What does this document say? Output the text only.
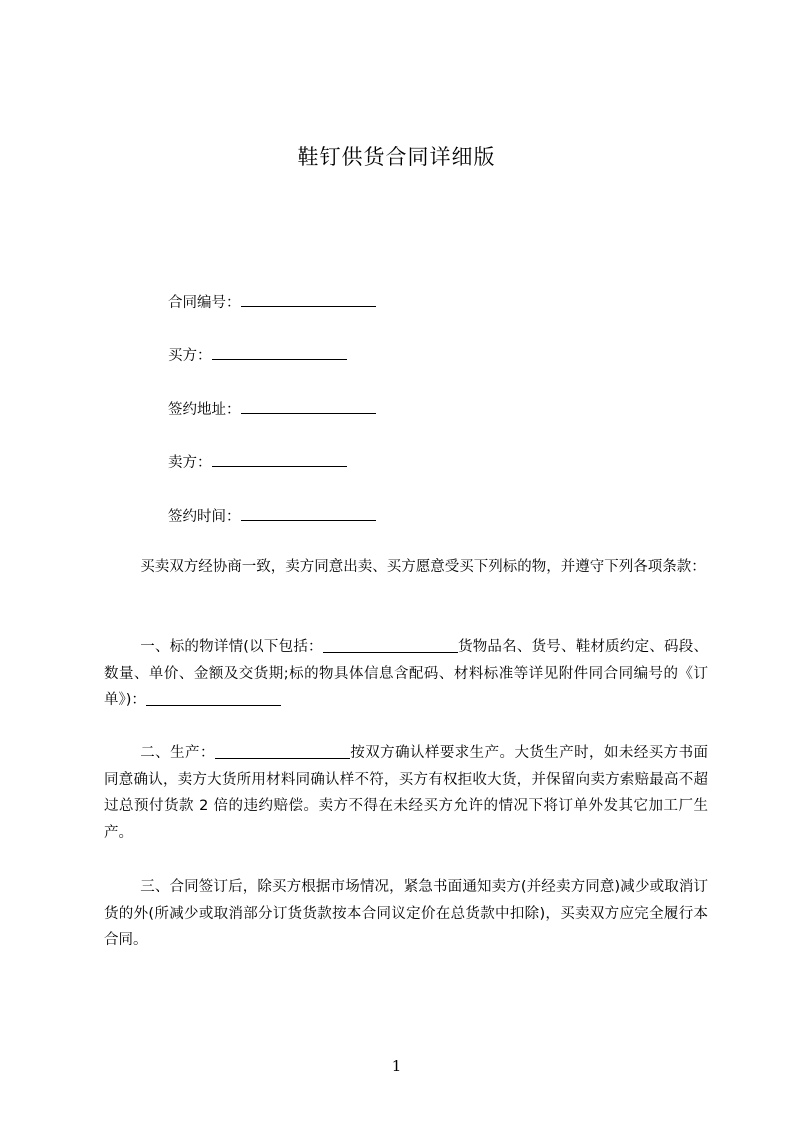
鞋钉供货合同详细版
合同编号：
买方：
签约地址：
卖方：
签约时间：
买卖双方经协商一致，卖方同意出卖、买方愿意受买下列标的物，并遵守下列各项条款：
一、标的物详情(以下包括：	货物品名、货号、鞋材质约定、码段、数量、单价、金额及交货期;标的物具体信息含配码、材料标准等详见附件同合同编号的《订单》)：
二、生产：	按双方确认样要求生产。大货生产时，如未经买方书面同意确认，卖方大货所用材料同确认样不符，买方有权拒收大货，并保留向卖方索赔最高不超过总预付货款 2 倍的违约赔偿。卖方不得在未经买方允许的情况下将订单外发其它加工厂生产。
三、合同签订后，除买方根据市场情况，紧急书面通知卖方(并经卖方同意)减少或取消订货的外(所减少或取消部分订货货款按本合同议定价在总货款中扣除)，买卖双方应完全履行本合同。
1
